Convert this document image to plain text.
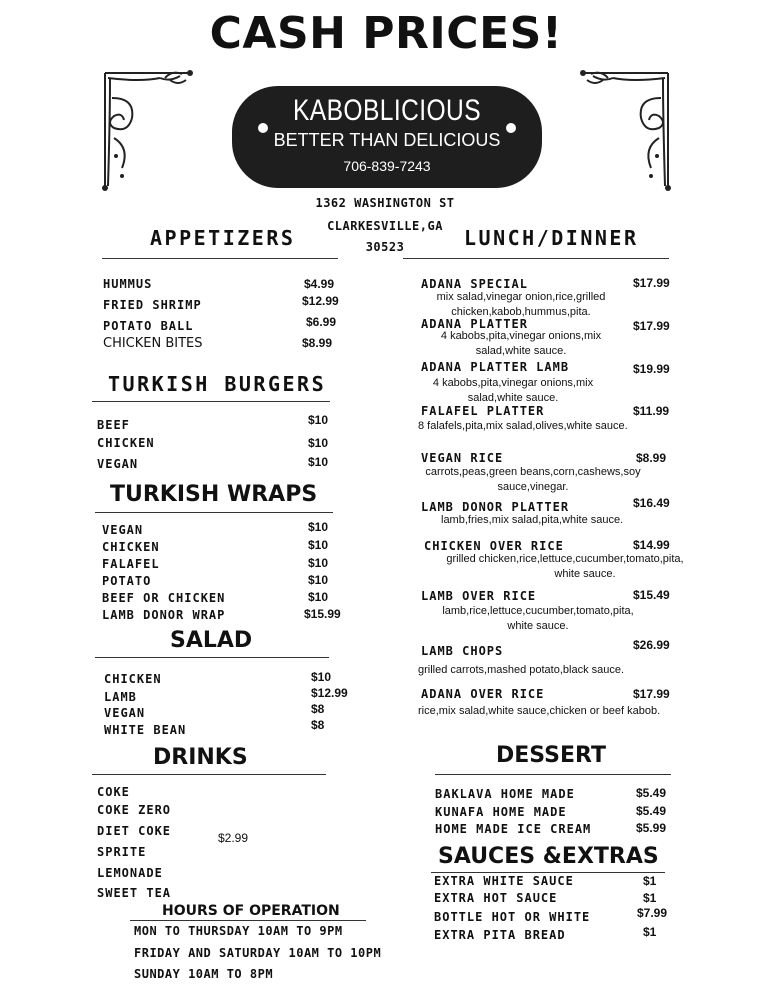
CASH PRICES!
KABOBLICIOUS
BETTER THAN DELICIOUS
706-839-7243
1362 WASHINGTON ST
CLARKESVILLE,GA
30523
APPETIZERS
HUMMUS	$4.99
FRIED SHRIMP	$12.99
POTATO BALL	$6.99
CHICKEN BITES	$8.99
TURKISH BURGERS
BEEF	$10
CHICKEN	$10
VEGAN	$10
TURKISH WRAPS
VEGAN	$10
CHICKEN	$10
FALAFEL	$10
POTATO	$10
BEEF OR CHICKEN	$10
LAMB DONOR WRAP	$15.99
SALAD
CHICKEN	$10
LAMB	$12.99
VEGAN	$8
WHITE BEAN	$8
DRINKS
COKE
COKE ZERO
DIET COKE
SPRITE
LEMONADE
SWEET TEA
$2.99
HOURS OF OPERATION
MON TO THURSDAY 10AM TO 9PM
FRIDAY AND SATURDAY 10AM TO 10PM
SUNDAY 10AM TO 8PM
LUNCH/DINNER
ADANA SPECIAL	$17.99
mix salad,vinegar onion,rice,grilled
chicken,kabob,hummus,pita.
ADANA PLATTER	$17.99
4 kabobs,pita,vinegar onions,mix
salad,white sauce.
ADANA PLATTER LAMB	$19.99
4 kabobs,pita,vinegar onions,mix
salad,white sauce.
FALAFEL PLATTER	$11.99
8 falafels,pita,mix salad,olives,white sauce.
VEGAN RICE	$8.99
carrots,peas,green beans,corn,cashews,soy
sauce,vinegar.
LAMB DONOR PLATTER	$16.49
lamb,fries,mix salad,pita,white sauce.
CHICKEN OVER RICE	$14.99
grilled chicken,rice,lettuce,cucumber,tomato,pita,
white sauce.
LAMB OVER RICE	$15.49
lamb,rice,lettuce,cucumber,tomato,pita,
white sauce.
LAMB CHOPS	$26.99
grilled carrots,mashed potato,black sauce.
ADANA OVER RICE	$17.99
rice,mix salad,white sauce,chicken or beef kabob.
DESSERT
BAKLAVA HOME MADE	$5.49
KUNAFA HOME MADE	$5.49
HOME MADE ICE CREAM	$5.99
SAUCES &EXTRAS
EXTRA WHITE SAUCE	$1
EXTRA HOT SAUCE	$1
BOTTLE HOT OR WHITE	$7.99
EXTRA PITA BREAD	$1
